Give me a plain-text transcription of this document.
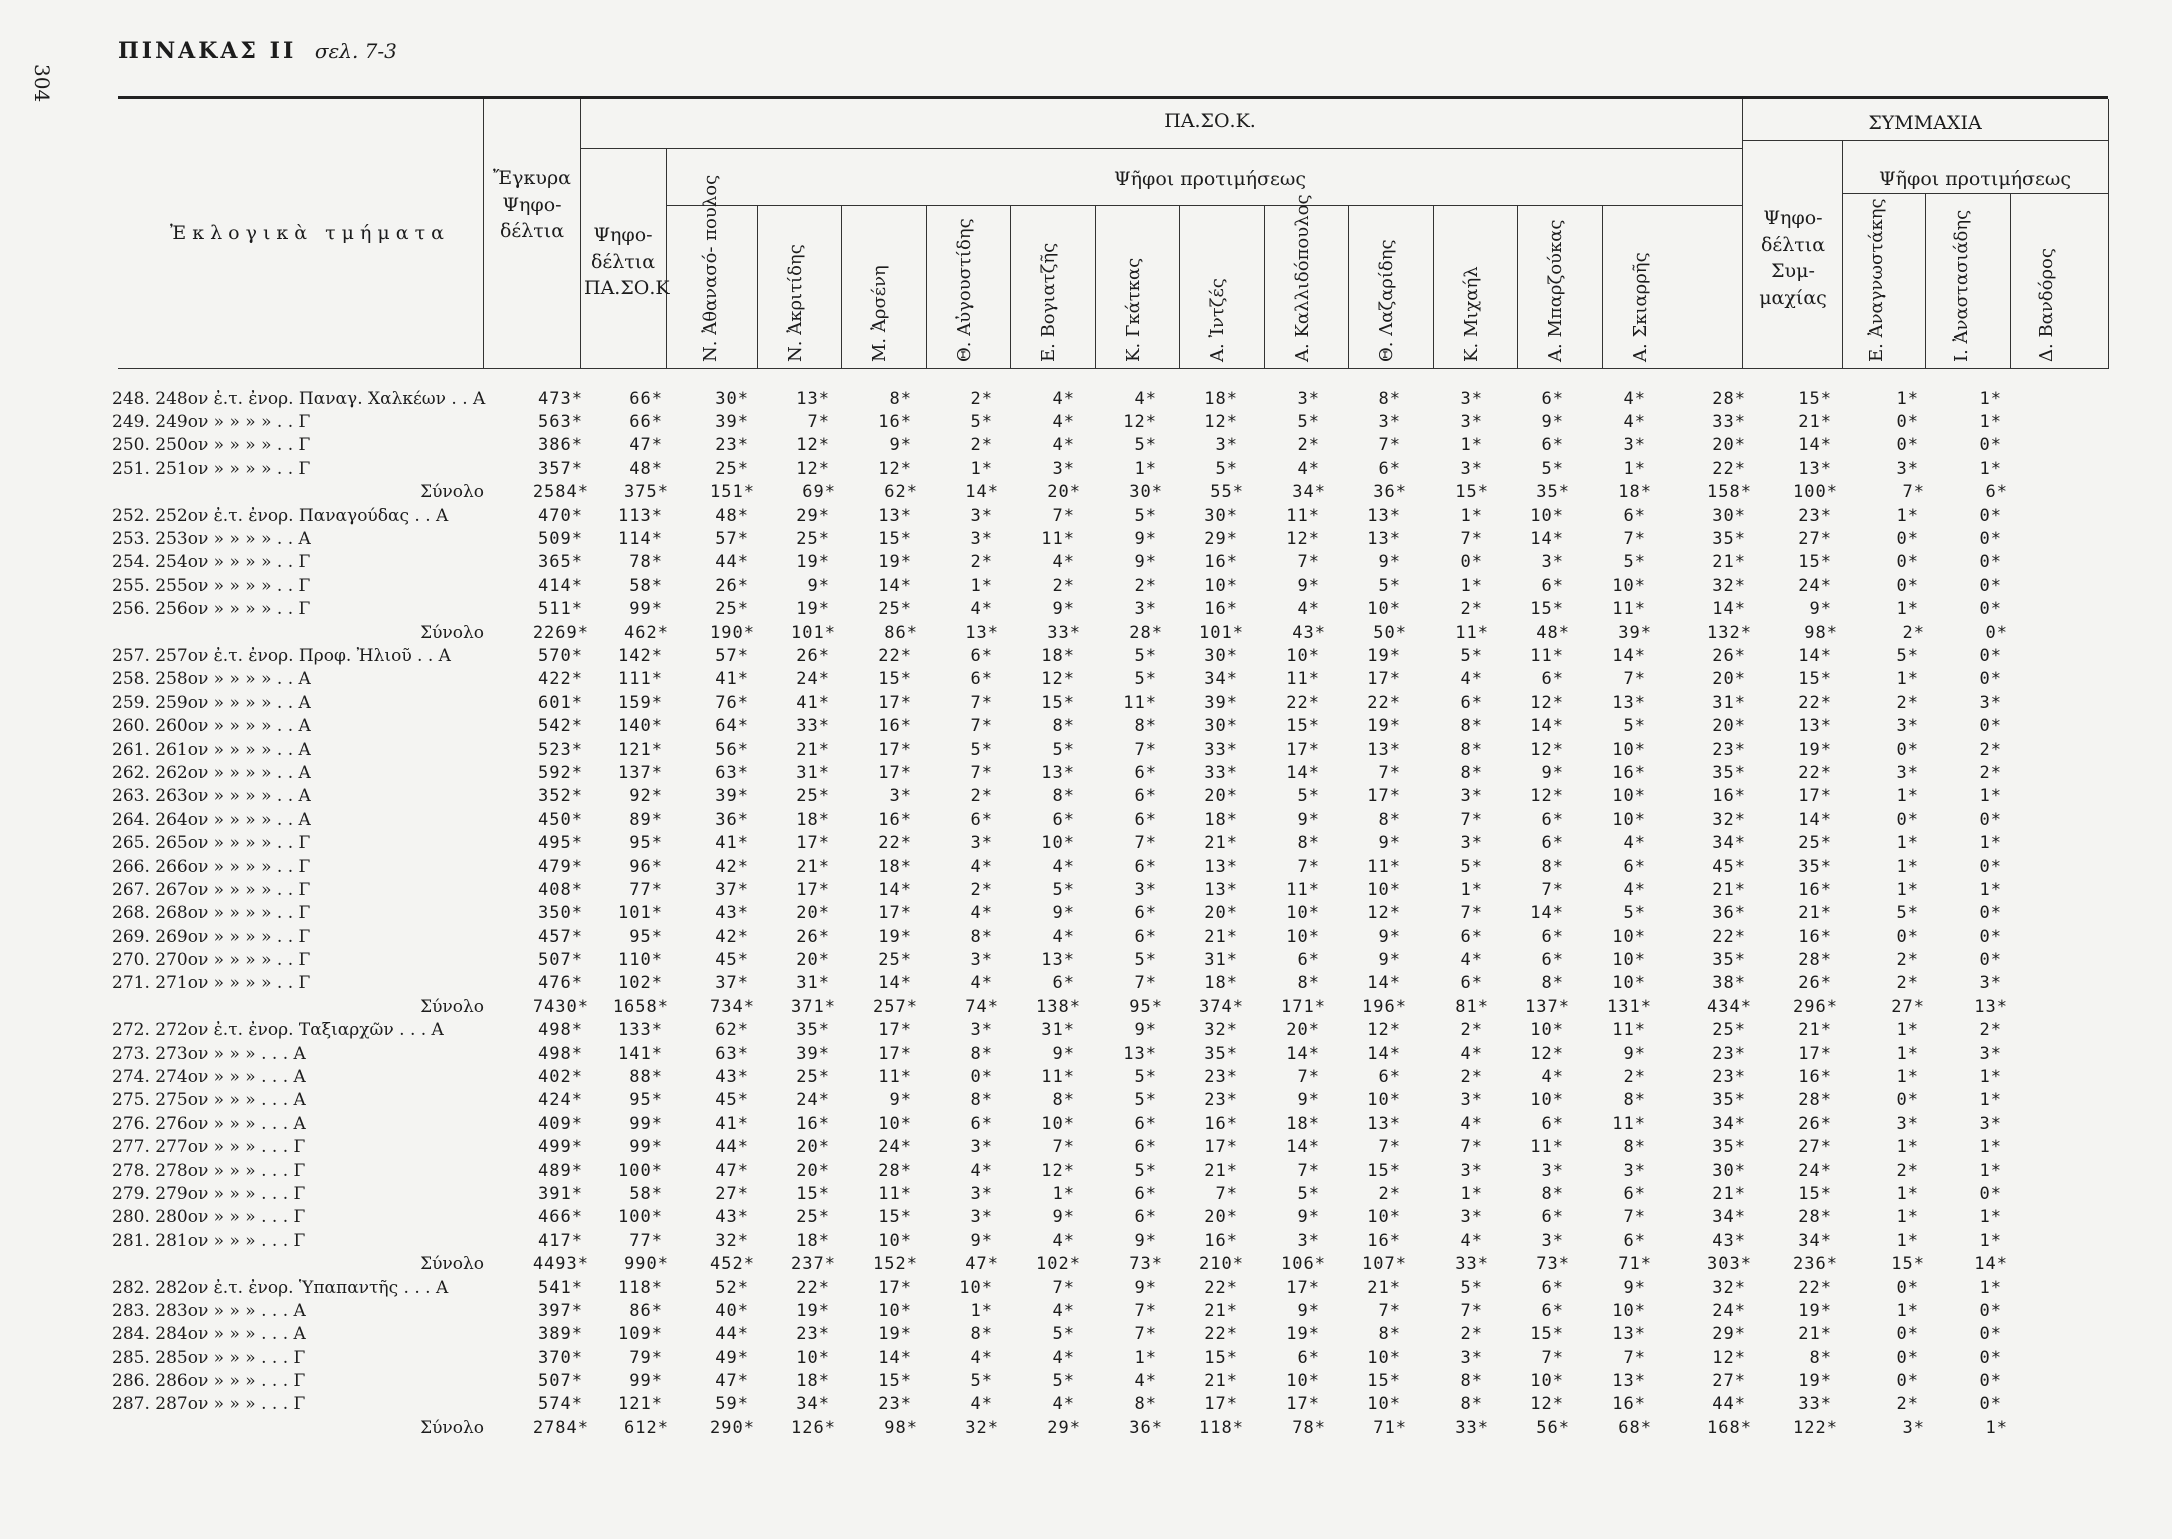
304
ΠΙΝΑΚΑΣ ΙΙ σελ. 7-3
Ἐκλογικὰ τμήματα
Ἔγκυρα Ψηφο- δέλτια
ΠΑ.ΣΟ.Κ.
Ψηφο- δέλτια ΠΑ.ΣΟ.Κ
Ψῆφοι προτιμήσεως
ΣΥΜΜΑΧΙΑ
Ψηφο- δέλτια Συμ- μαχίας
Ψῆφοι προτιμήσεως
Ν. Ἀθανασό- πουλος	Ν. Ἀκριτίδης	Μ. Ἀρσένη	Θ. Αὐγουστίδης	Ε. Βογιατζῆς	Κ. Γκάτκας	Α. Ἰντζές	Α. Καλλιδόπουλος	Θ. Λαζαρίδης	Κ. Μιχαήλ	Α. Μπαρζούκας	Α. Σκιαρρῆς	Ε. Ἀναγνωστάκης	Ι. Ἀναστασιάδης	Δ. Βανδόρος
248. 248ον ἐ.τ. ἐνορ. Παναγ. Χαλκέων . . Α	473*	66*	30*	13*	8*	2*	4*	4*	18*	3*	8*	3*	6*	4*	28*	15*	1*	1*
249. 249ον » » » » . . Γ	563*	66*	39*	7*	16*	5*	4*	12*	12*	5*	3*	3*	9*	4*	33*	21*	0*	1*
250. 250ον » » » » . . Γ	386*	47*	23*	12*	9*	2*	4*	5*	3*	2*	7*	1*	6*	3*	20*	14*	0*	0*
251. 251ον » » » » . . Γ	357*	48*	25*	12*	12*	1*	3*	1*	5*	4*	6*	3*	5*	1*	22*	13*	3*	1*
Σύνολο	2584*	375*	151*	69*	62*	14*	20*	30*	55*	34*	36*	15*	35*	18*	158*	100*	7*	6*
252. 252ον ἐ.τ. ἐνορ. Παναγούδας . . Α	470*	113*	48*	29*	13*	3*	7*	5*	30*	11*	13*	1*	10*	6*	30*	23*	1*	0*
253. 253ον » » » » . . Α	509*	114*	57*	25*	15*	3*	11*	9*	29*	12*	13*	7*	14*	7*	35*	27*	0*	0*
254. 254ον » » » » . . Γ	365*	78*	44*	19*	19*	2*	4*	9*	16*	7*	9*	0*	3*	5*	21*	15*	0*	0*
255. 255ον » » » » . . Γ	414*	58*	26*	9*	14*	1*	2*	2*	10*	9*	5*	1*	6*	10*	32*	24*	0*	0*
256. 256ον » » » » . . Γ	511*	99*	25*	19*	25*	4*	9*	3*	16*	4*	10*	2*	15*	11*	14*	9*	1*	0*
Σύνολο	2269*	462*	190*	101*	86*	13*	33*	28*	101*	43*	50*	11*	48*	39*	132*	98*	2*	0*
257. 257ον ἐ.τ. ἐνορ. Προφ. Ἠλιοῦ . . Α	570*	142*	57*	26*	22*	6*	18*	5*	30*	10*	19*	5*	11*	14*	26*	14*	5*	0*
258. 258ον » » » » . . Α	422*	111*	41*	24*	15*	6*	12*	5*	34*	11*	17*	4*	6*	7*	20*	15*	1*	0*
259. 259ον » » » » . . Α	601*	159*	76*	41*	17*	7*	15*	11*	39*	22*	22*	6*	12*	13*	31*	22*	2*	3*
260. 260ον » » » » . . Α	542*	140*	64*	33*	16*	7*	8*	8*	30*	15*	19*	8*	14*	5*	20*	13*	3*	0*
261. 261ον » » » » . . Α	523*	121*	56*	21*	17*	5*	5*	7*	33*	17*	13*	8*	12*	10*	23*	19*	0*	2*
262. 262ον » » » » . . Α	592*	137*	63*	31*	17*	7*	13*	6*	33*	14*	7*	8*	9*	16*	35*	22*	3*	2*
263. 263ον » » » » . . Α	352*	92*	39*	25*	3*	2*	8*	6*	20*	5*	17*	3*	12*	10*	16*	17*	1*	1*
264. 264ον » » » » . . Α	450*	89*	36*	18*	16*	6*	6*	6*	18*	9*	8*	7*	6*	10*	32*	14*	0*	0*
265. 265ον » » » » . . Γ	495*	95*	41*	17*	22*	3*	10*	7*	21*	8*	9*	3*	6*	4*	34*	25*	1*	1*
266. 266ον » » » » . . Γ	479*	96*	42*	21*	18*	4*	4*	6*	13*	7*	11*	5*	8*	6*	45*	35*	1*	0*
267. 267ον » » » » . . Γ	408*	77*	37*	17*	14*	2*	5*	3*	13*	11*	10*	1*	7*	4*	21*	16*	1*	1*
268. 268ον » » » » . . Γ	350*	101*	43*	20*	17*	4*	9*	6*	20*	10*	12*	7*	14*	5*	36*	21*	5*	0*
269. 269ον » » » » . . Γ	457*	95*	42*	26*	19*	8*	4*	6*	21*	10*	9*	6*	6*	10*	22*	16*	0*	0*
270. 270ον » » » » . . Γ	507*	110*	45*	20*	25*	3*	13*	5*	31*	6*	9*	4*	6*	10*	35*	28*	2*	0*
271. 271ον » » » » . . Γ	476*	102*	37*	31*	14*	4*	6*	7*	18*	8*	14*	6*	8*	10*	38*	26*	2*	3*
Σύνολο	7430*	1658*	734*	371*	257*	74*	138*	95*	374*	171*	196*	81*	137*	131*	434*	296*	27*	13*
272. 272ον ἐ.τ. ἐνορ. Ταξιαρχῶν . . . Α	498*	133*	62*	35*	17*	3*	31*	9*	32*	20*	12*	2*	10*	11*	25*	21*	1*	2*
273. 273ον » » » . . . Α	498*	141*	63*	39*	17*	8*	9*	13*	35*	14*	14*	4*	12*	9*	23*	17*	1*	3*
274. 274ον » » » . . . Α	402*	88*	43*	25*	11*	0*	11*	5*	23*	7*	6*	2*	4*	2*	23*	16*	1*	1*
275. 275ον » » » . . . Α	424*	95*	45*	24*	9*	8*	8*	5*	23*	9*	10*	3*	10*	8*	35*	28*	0*	1*
276. 276ον » » » . . . Α	409*	99*	41*	16*	10*	6*	10*	6*	16*	18*	13*	4*	6*	11*	34*	26*	3*	3*
277. 277ον » » » . . . Γ	499*	99*	44*	20*	24*	3*	7*	6*	17*	14*	7*	7*	11*	8*	35*	27*	1*	1*
278. 278ον » » » . . . Γ	489*	100*	47*	20*	28*	4*	12*	5*	21*	7*	15*	3*	3*	3*	30*	24*	2*	1*
279. 279ον » » » . . . Γ	391*	58*	27*	15*	11*	3*	1*	6*	7*	5*	2*	1*	8*	6*	21*	15*	1*	0*
280. 280ον » » » . . . Γ	466*	100*	43*	25*	15*	3*	9*	6*	20*	9*	10*	3*	6*	7*	34*	28*	1*	1*
281. 281ον » » » . . . Γ	417*	77*	32*	18*	10*	9*	4*	9*	16*	3*	16*	4*	3*	6*	43*	34*	1*	1*
Σύνολο	4493*	990*	452*	237*	152*	47*	102*	73*	210*	106*	107*	33*	73*	71*	303*	236*	15*	14*
282. 282ον ἐ.τ. ἐνορ. Ὑπαπαντῆς . . . Α	541*	118*	52*	22*	17*	10*	7*	9*	22*	17*	21*	5*	6*	9*	32*	22*	0*	1*
283. 283ον » » » . . . Α	397*	86*	40*	19*	10*	1*	4*	7*	21*	9*	7*	7*	6*	10*	24*	19*	1*	0*
284. 284ον » » » . . . Α	389*	109*	44*	23*	19*	8*	5*	7*	22*	19*	8*	2*	15*	13*	29*	21*	0*	0*
285. 285ον » » » . . . Γ	370*	79*	49*	10*	14*	4*	4*	1*	15*	6*	10*	3*	7*	7*	12*	8*	0*	0*
286. 286ον » » » . . . Γ	507*	99*	47*	18*	15*	5*	5*	4*	21*	10*	15*	8*	10*	13*	27*	19*	0*	0*
287. 287ον » » » . . . Γ	574*	121*	59*	34*	23*	4*	4*	8*	17*	17*	10*	8*	12*	16*	44*	33*	2*	0*
Σύνολο	2784*	612*	290*	126*	98*	32*	29*	36*	118*	78*	71*	33*	56*	68*	168*	122*	3*	1*
